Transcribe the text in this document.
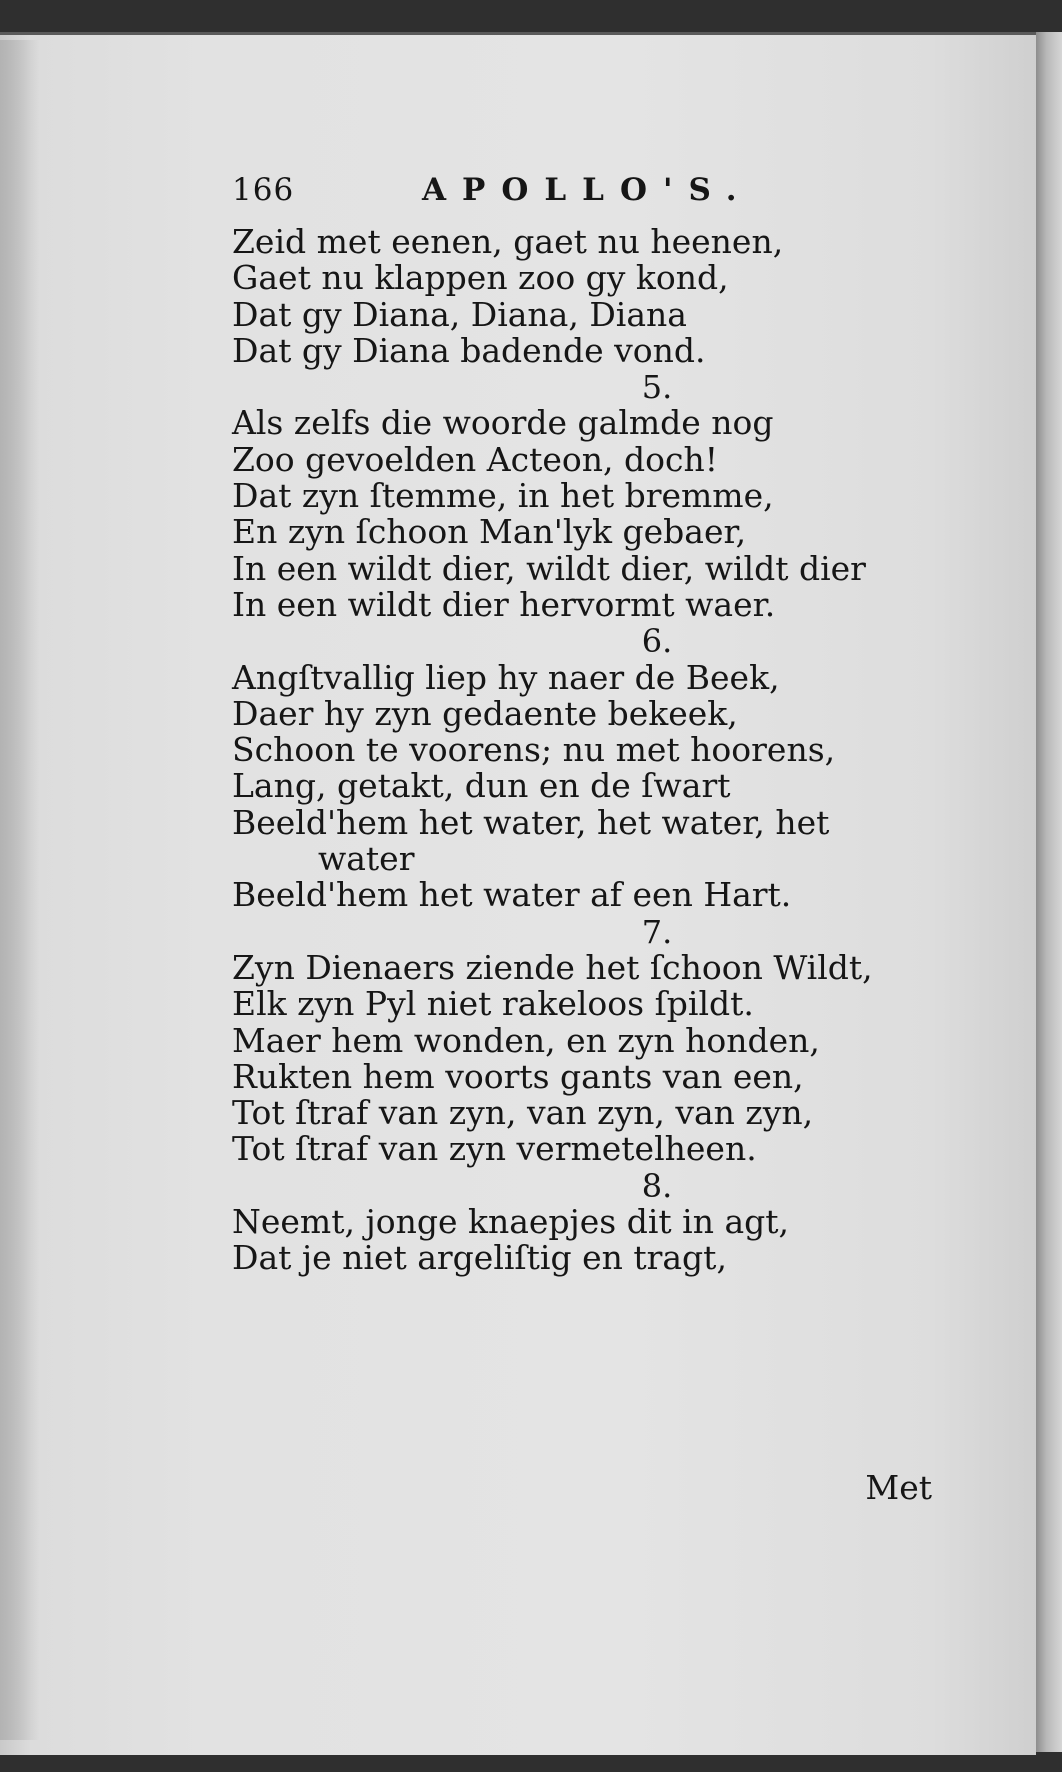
166	APOLLO'S.

Zeid met eenen, gaet nu heenen,

Gaet nu klappen zoo gy kond,

Dat gy Diana, Diana, Diana

Dat gy Diana badende vond.

5.

Als zelfs die woorde galmde nog

Zoo gevoelden Acteon, doch!

Dat zyn ſtemme, in het bremme,

En zyn ſchoon Man'lyk gebaer,

In een wildt dier, wildt dier, wildt dier

In een wildt dier hervormt waer.

6.

Angſtvallig liep hy naer de Beek,

Daer hy zyn gedaente bekeek,

Schoon te voorens; nu met hoorens,

Lang, getakt, dun en de ſwart

Beeld'hem het water, het water, het

water

Beeld'hem het water af een Hart.

7.

Zyn Dienaers ziende het ſchoon Wildt,

Elk zyn Pyl niet rakeloos ſpildt.

Maer hem wonden, en zyn honden,

Rukten hem voorts gants van een,

Tot ſtraf van zyn, van zyn, van zyn,

Tot ſtraf van zyn vermetelheen.

8.

Neemt, jonge knaepjes dit in agt,

Dat je niet argeliſtig en tragt,

Met
